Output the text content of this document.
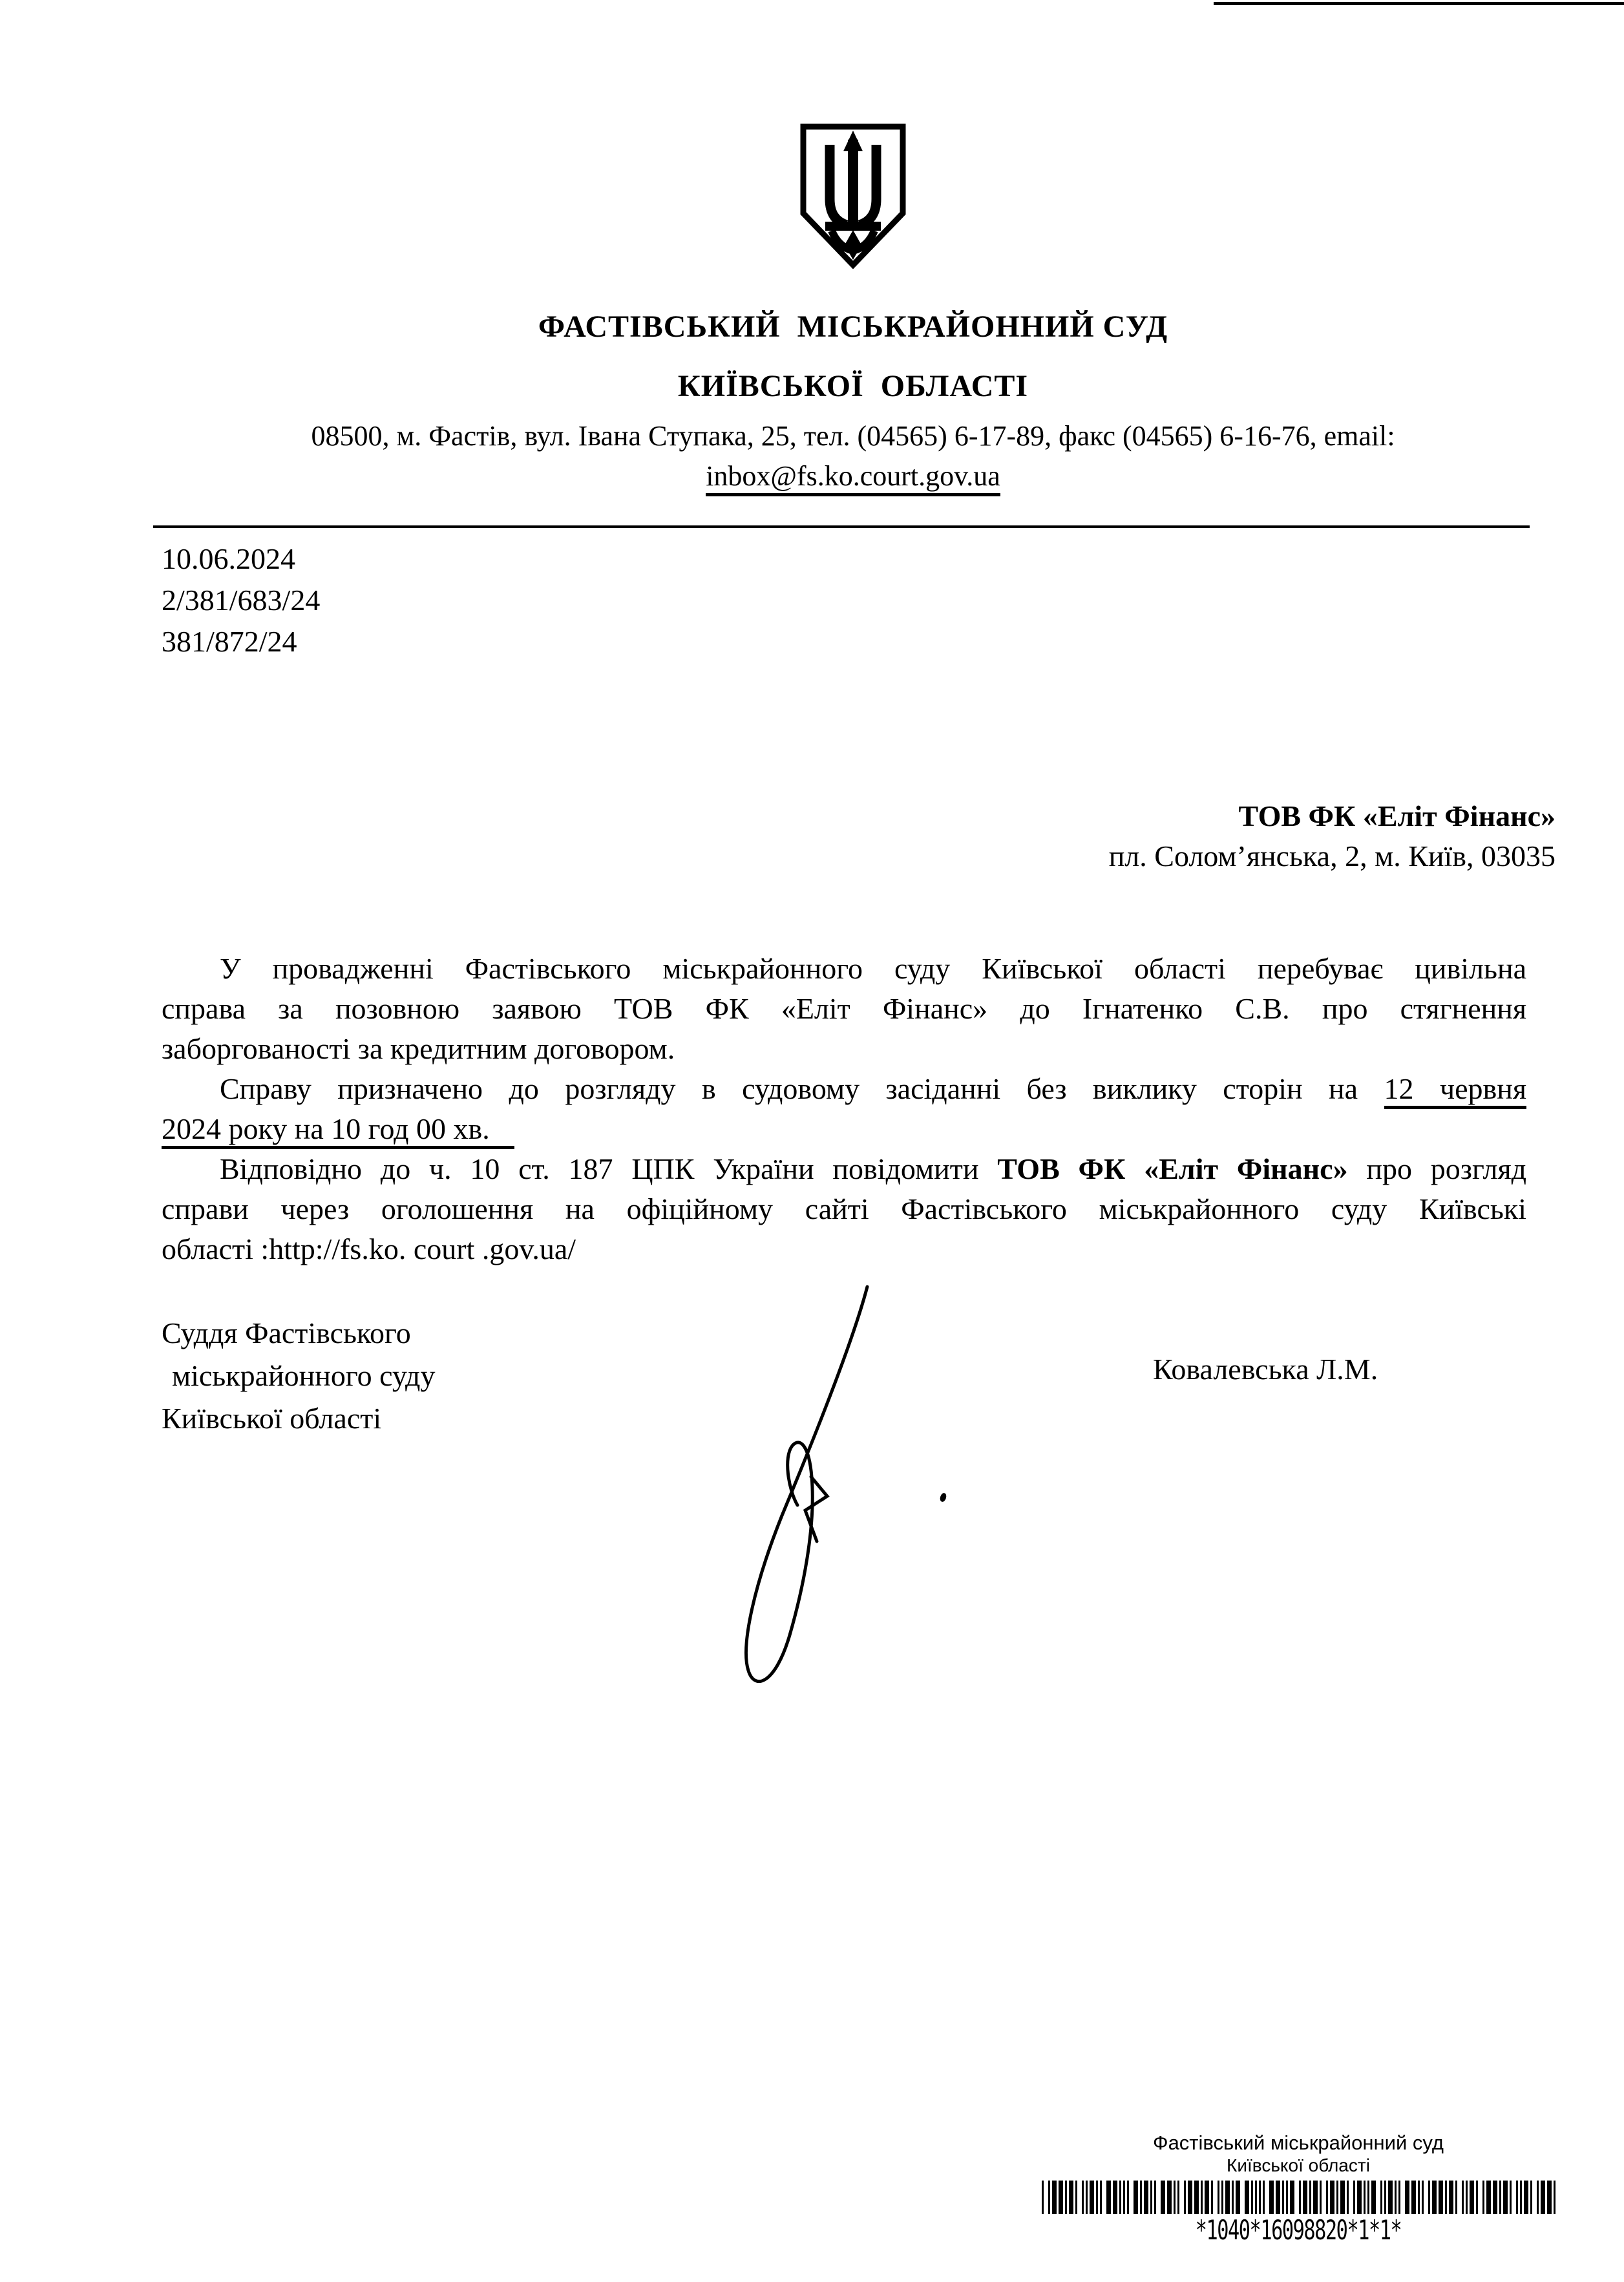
ФАСТІВСЬКИЙ  МІСЬКРАЙОННИЙ СУД
КИЇВСЬКОЇ  ОБЛАСТІ
08500, м. Фастів, вул. Івана Ступака, 25, тел. (04565) 6-17-89, факс (04565) 6-16-76, email:
inbox@fs.ko.court.gov.ua
10.06.2024
2/381/683/24
381/872/24
ТОВ ФК «Еліт Фінанс»
пл. Солом’янська, 2, м. Київ, 03035
У провадженні Фастівського міськрайонного суду Київської області перебуває цивільна
справа за позовною заявою ТОВ ФК «Еліт Фінанс» до Ігнатенко С.В. про стягнення
заборгованості за кредитним договором.
Справу призначено до розгляду в судовому засіданні без виклику сторін на 12 червня
2024 року на 10 год 00 хв.
Відповідно до ч. 10 ст. 187 ЦПК України повідомити ТОВ ФК «Еліт Фінанс» про розгляд
справи через оголошення на офіційному сайті Фастівського міськрайонного суду Київські
області :http://fs.ko. court .gov.ua/
Суддя Фастівського
міськрайонного суду
Київської області
Ковалевська Л.М.
Фастівський міськрайонний суд
Київської області
*1040*16098820*1*1*
